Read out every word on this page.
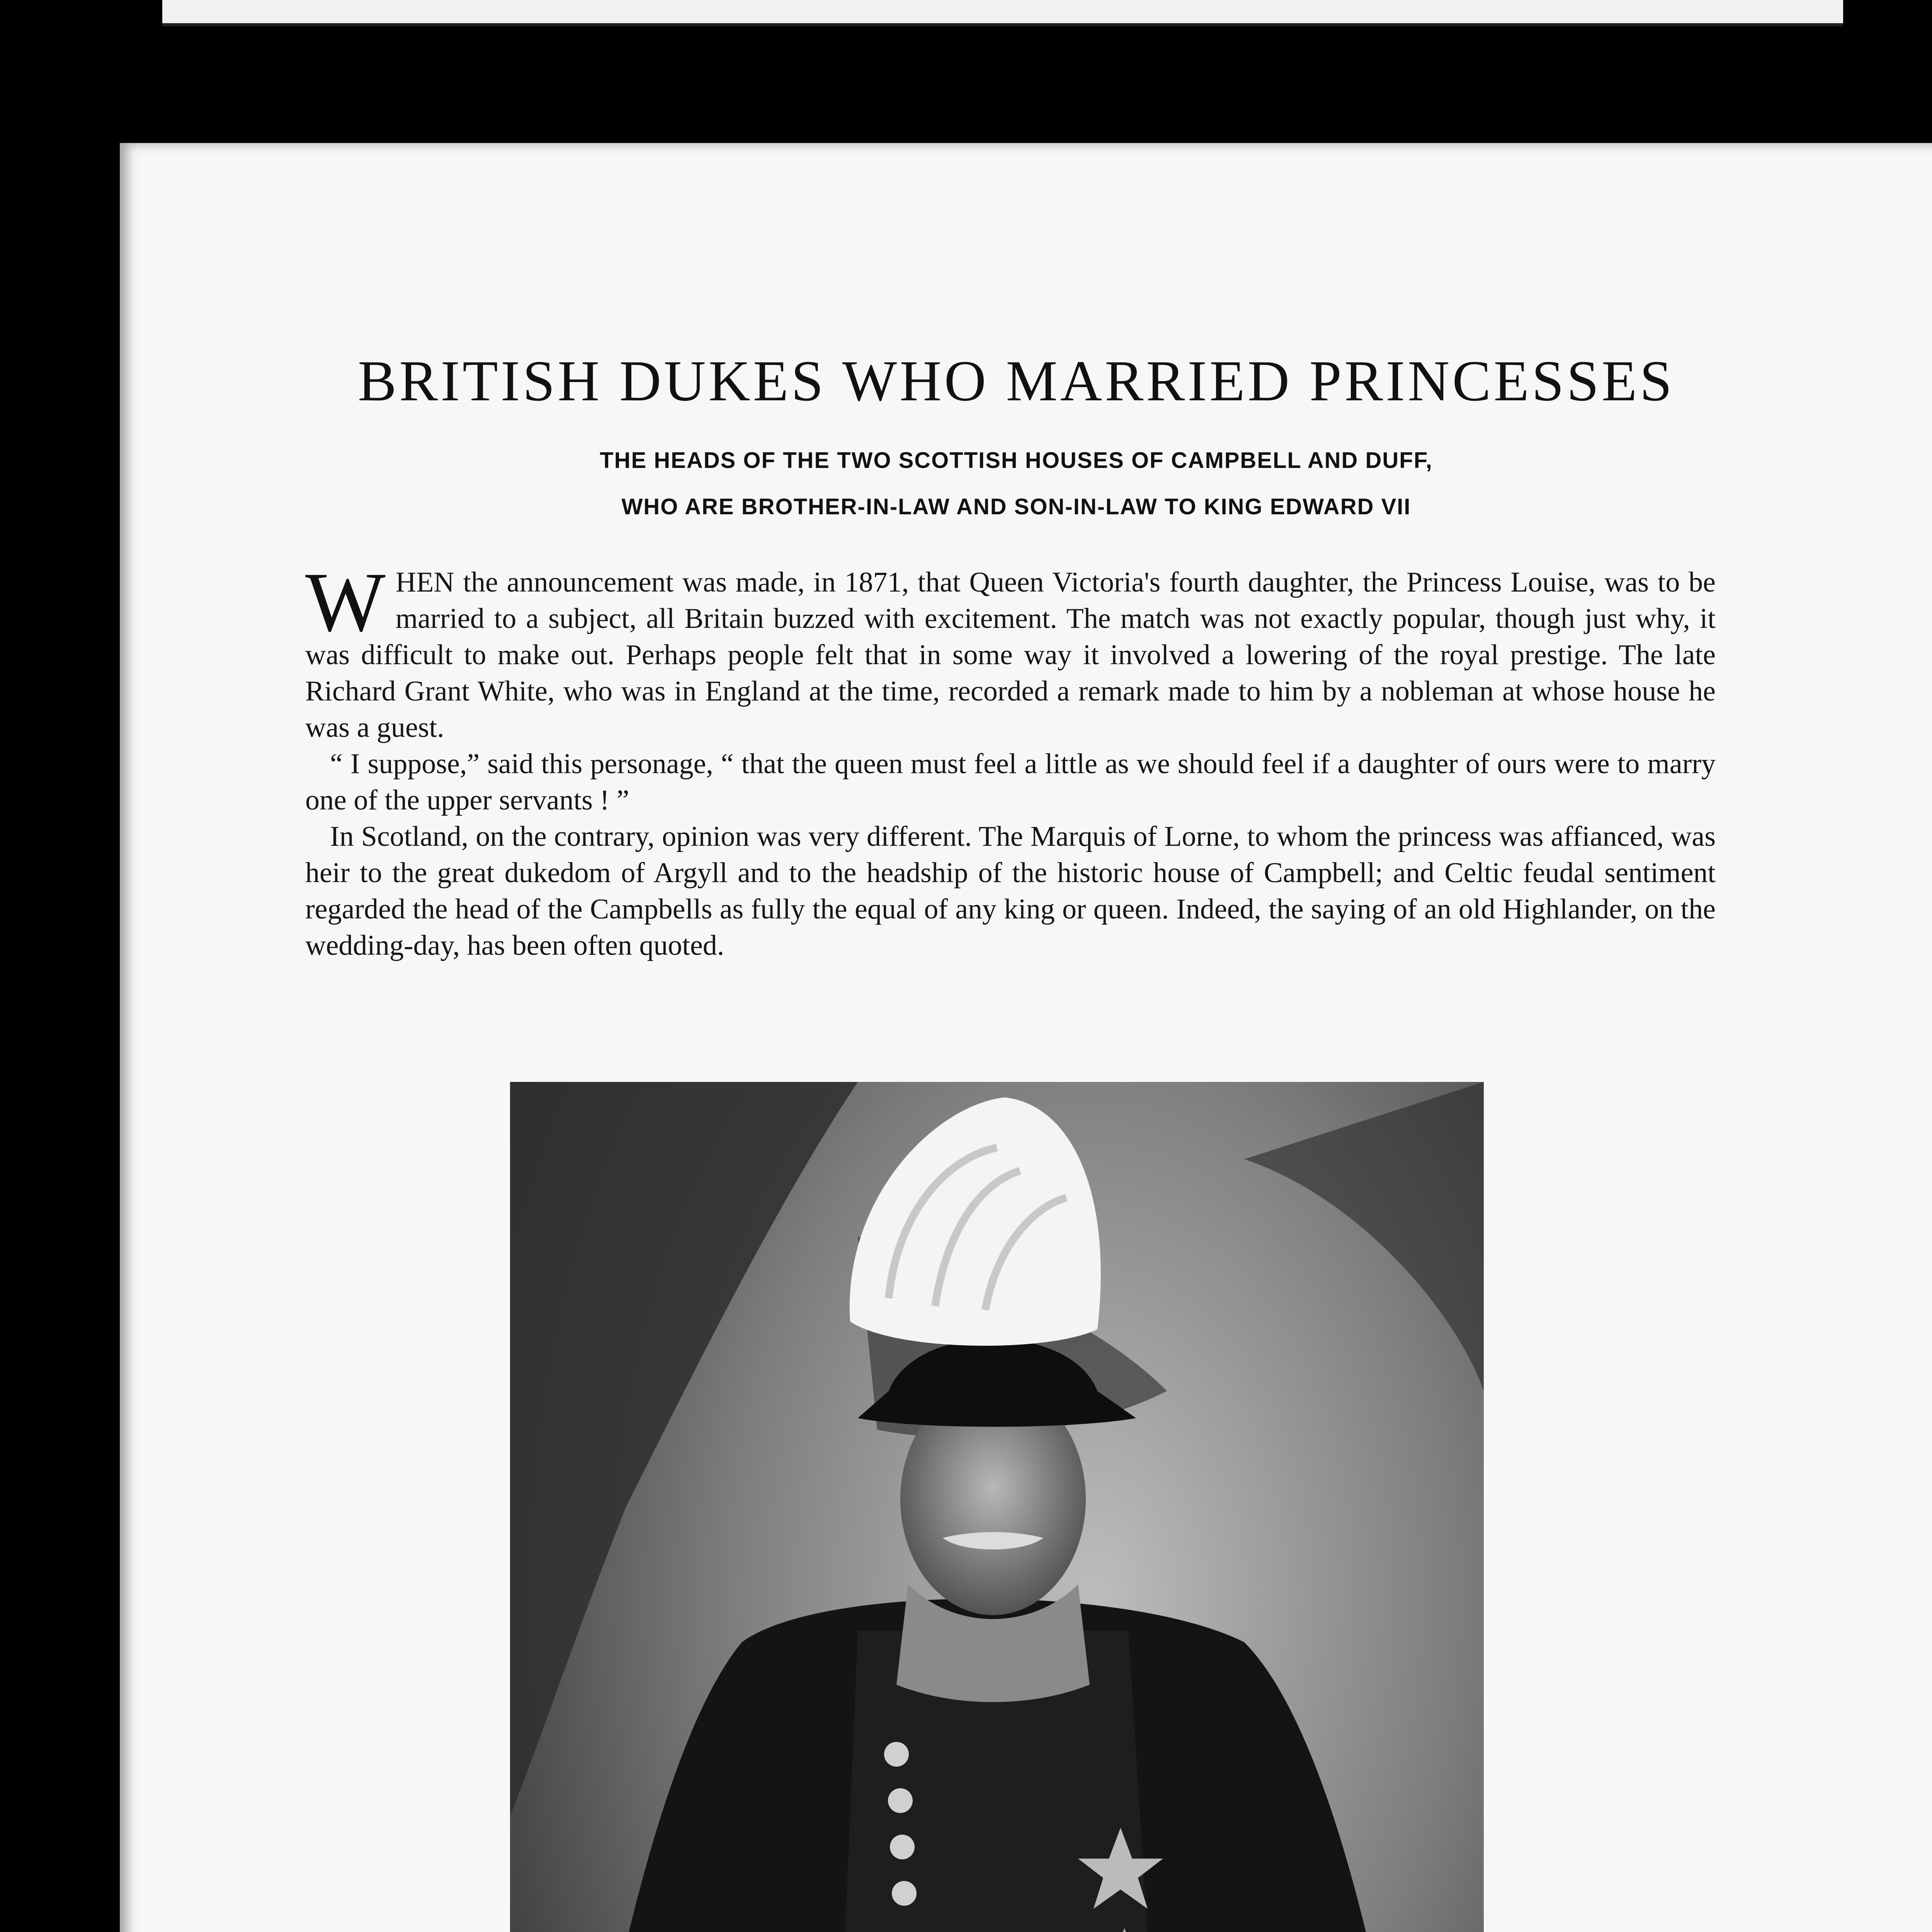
BRITISH DUKES WHO MARRIED PRINCESSES
THE HEADS OF THE TWO SCOTTISH HOUSES OF CAMPBELL AND DUFF,
WHO ARE BROTHER-IN-LAW AND SON-IN-LAW TO KING EDWARD VII

WHEN the announcement was made, in 1871, that Queen Victoria's fourth daughter, the Princess Louise, was to be married to a subject, all Britain buzzed with excitement. The match was not exactly popular, though just why, it was difficult to make out. Perhaps people felt that in some way it involved a lowering of the royal prestige. The late Richard Grant White, who was in England at the time, recorded a remark made to him by a nobleman at whose house he was a guest.

“ I suppose,” said this personage, “ that the queen must feel a little as we should feel if a daughter of ours were to marry one of the upper servants ! ”

In Scotland, on the contrary, opinion was very different. The Marquis of Lorne, to whom the princess was affianced, was heir to the great dukedom of Argyll and to the headship of the historic house of Campbell; and Celtic feudal sentiment regarded the head of the Campbells as fully the equal of any king or queen. Indeed, the saying of an old Highlander, on the wedding-day, has been often quoted.
